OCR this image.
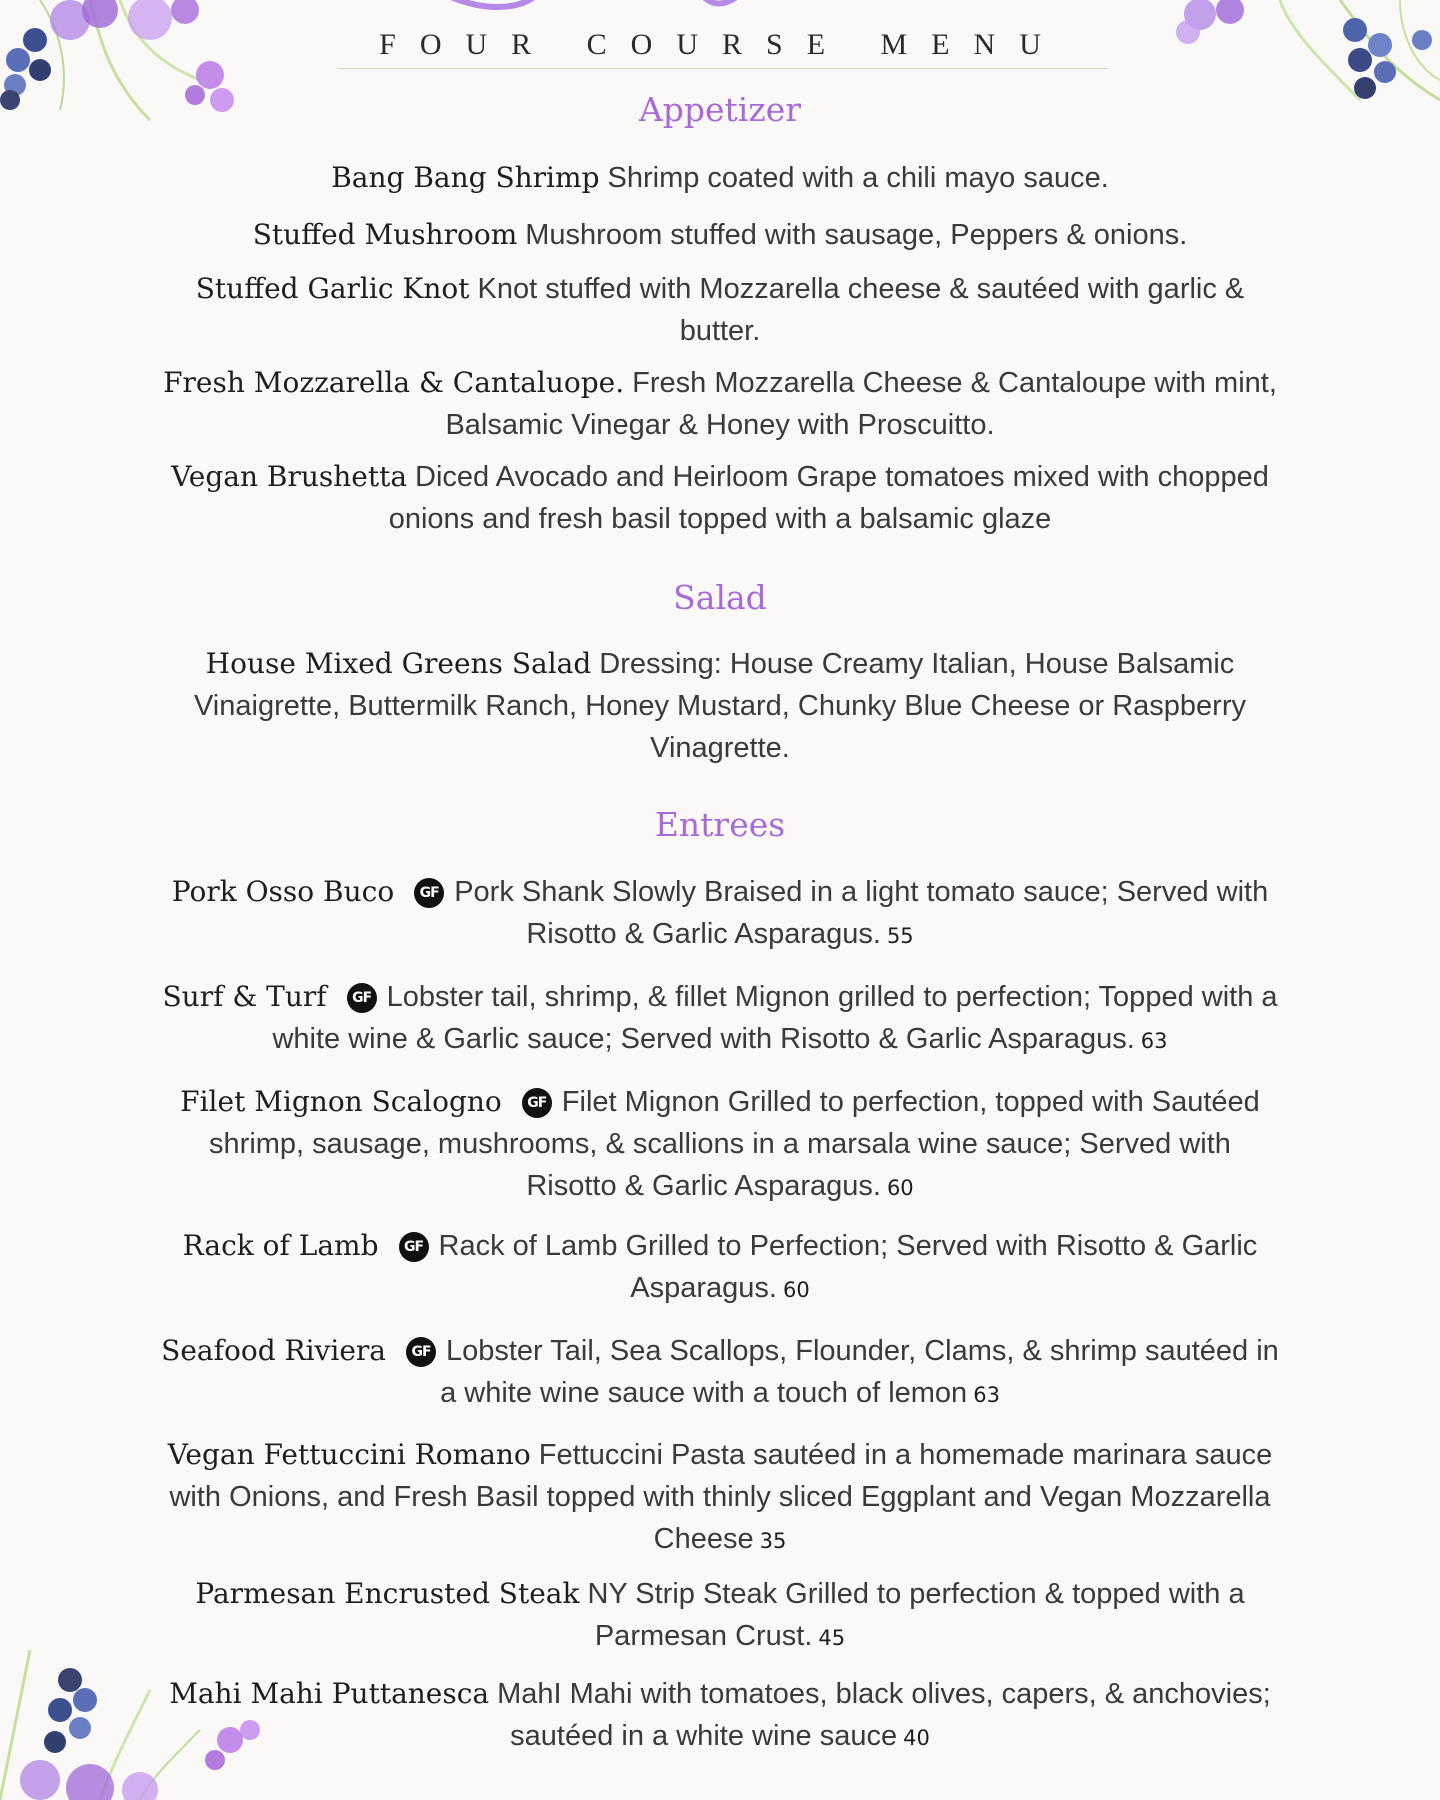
FOUR COURSE MENU
Appetizer
Bang Bang Shrimp Shrimp coated with a chili mayo sauce.
Stuffed Mushroom Mushroom stuffed with sausage, Peppers & onions.
Stuffed Garlic Knot Knot stuffed with Mozzarella cheese & sautéed with garlic & butter.
Fresh Mozzarella & Cantaluope. Fresh Mozzarella Cheese & Cantaloupe with mint, Balsamic Vinegar & Honey with Proscuitto.
Vegan Brushetta Diced Avocado and Heirloom Grape tomatoes mixed with chopped onions and fresh basil topped with a balsamic glaze
Salad
House Mixed Greens Salad Dressing: House Creamy Italian, House Balsamic Vinaigrette, Buttermilk Ranch, Honey Mustard, Chunky Blue Cheese or Raspberry Vinagrette.
Entrees
Pork Osso Buco GF Pork Shank Slowly Braised in a light tomato sauce; Served with Risotto & Garlic Asparagus. 55
Surf & Turf GF Lobster tail, shrimp, & fillet Mignon grilled to perfection; Topped with a white wine & Garlic sauce; Served with Risotto & Garlic Asparagus. 63
Filet Mignon Scalogno GF Filet Mignon Grilled to perfection, topped with Sautéed shrimp, sausage, mushrooms, & scallions in a marsala wine sauce; Served with Risotto & Garlic Asparagus. 60
Rack of Lamb GF Rack of Lamb Grilled to Perfection; Served with Risotto & Garlic Asparagus. 60
Seafood Riviera GF Lobster Tail, Sea Scallops, Flounder, Clams, & shrimp sautéed in a white wine sauce with a touch of lemon 63
Vegan Fettuccini Romano Fettuccini Pasta sautéed in a homemade marinara sauce with Onions, and Fresh Basil topped with thinly sliced Eggplant and Vegan Mozzarella Cheese 35
Parmesan Encrusted Steak NY Strip Steak Grilled to perfection & topped with a Parmesan Crust. 45
Mahi Mahi Puttanesca MahI Mahi with tomatoes, black olives, capers, & anchovies; sautéed in a white wine sauce 40
